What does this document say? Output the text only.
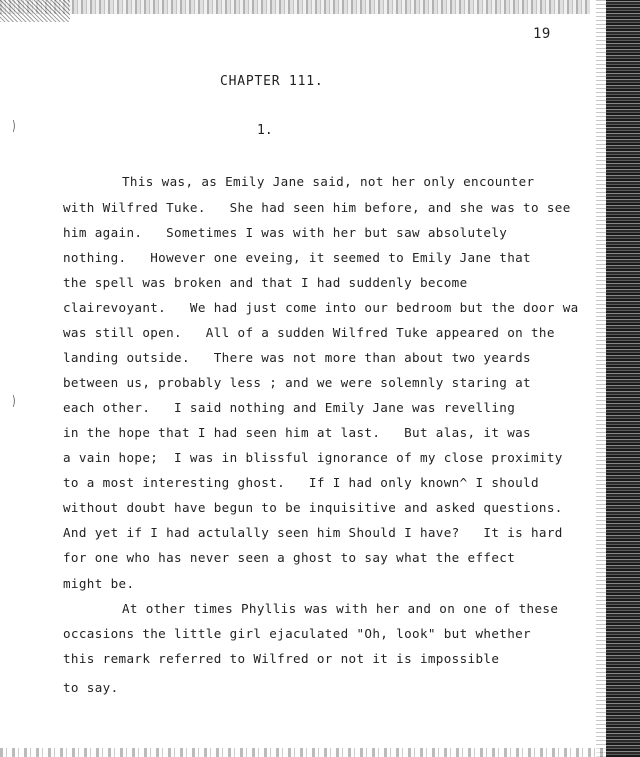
)
)
19
CHAPTER 111.
1.
This was, as Emily Jane said, not her only encounter
with Wilfred Tuke.   She had seen him before, and she was to see
him again.   Sometimes I was with her but saw absolutely
nothing.   However one eveing, it seemed to Emily Jane that
the spell was broken and that I had suddenly become
clairevoyant.   We had just come into our bedroom but the door wa
was still open.   All of a sudden Wilfred Tuke appeared on the
landing outside.   There was not more than about two yeards
between us, probably less ; and we were solemnly staring at
each other.   I said nothing and Emily Jane was revelling
in the hope that I had seen him at last.   But alas, it was
a vain hope;  I was in blissful ignorance of my close proximity
to a most interesting ghost.   If I had only known^ I should
without doubt have begun to be inquisitive and asked questions.
And yet if I had actulally seen him Should I have?   It is hard
for one who has never seen a ghost to say what the effect
might be.
At other times Phyllis was with her and on one of these
occasions the little girl ejaculated "Oh, look" but whether
this remark referred to Wilfred or not it is impossible
to say.
